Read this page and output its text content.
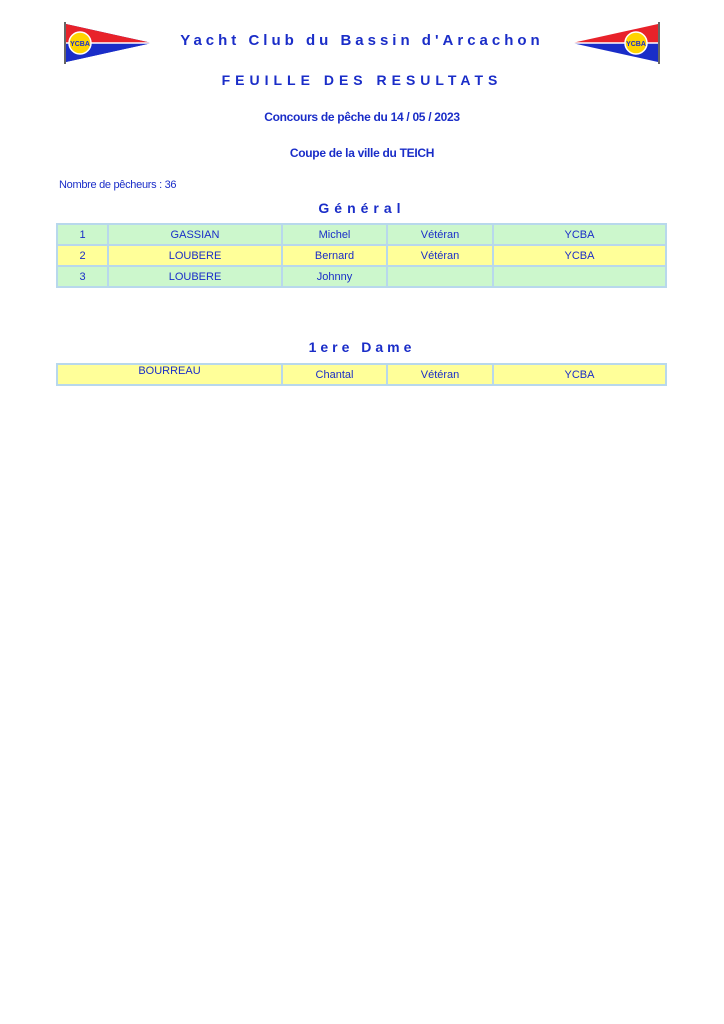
YCBA	YCBA
Yacht Club du Bassin d'Arcachon
FEUILLE DES RESULTATS
Concours de pêche du 14 / 05 / 2023
Coupe de la ville du TEICH
Nombre de pêcheurs : 36
Général
1	GASSIAN	Michel	Vétéran	YCBA
2	LOUBERE	Bernard	Vétéran	YCBA
3	LOUBERE	Johnny		
1ere Dame
BOURREAU	Chantal	Vétéran	YCBA
